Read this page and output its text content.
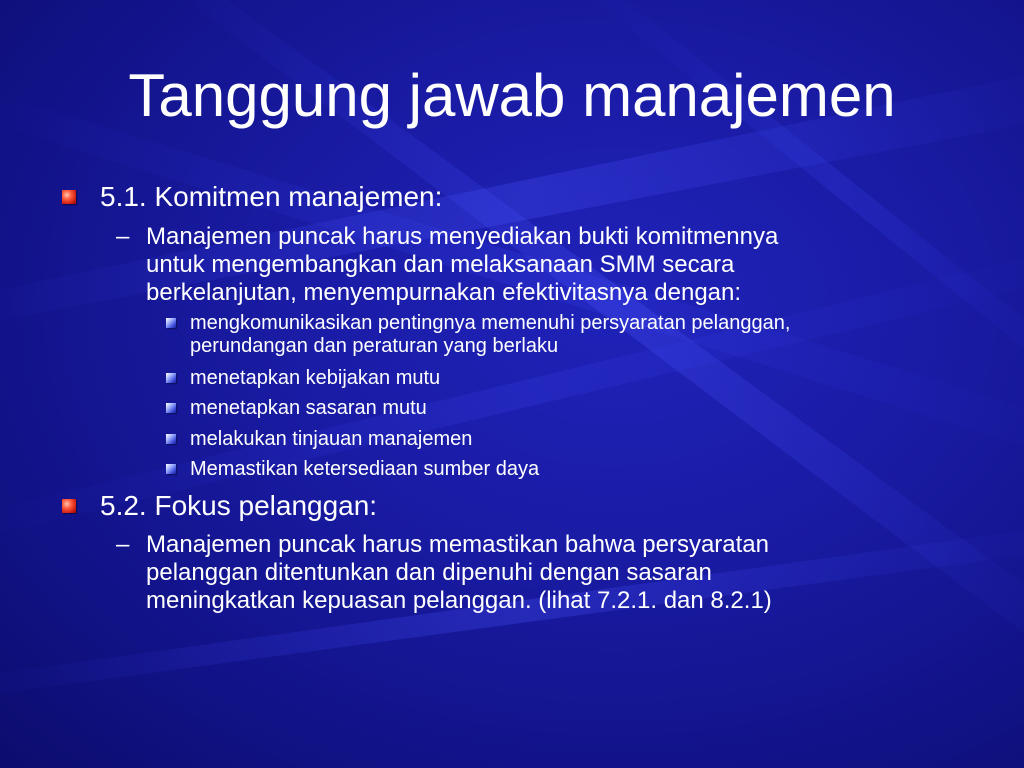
Tanggung jawab manajemen
5.1. Komitmen manajemen:
– Manajemen puncak harus menyediakan bukti komitmennya
untuk mengembangkan dan melaksanaan SMM secara
berkelanjutan, menyempurnakan efektivitasnya dengan:
mengkomunikasikan pentingnya memenuhi persyaratan pelanggan,
perundangan dan peraturan yang berlaku
menetapkan kebijakan mutu
menetapkan sasaran mutu
melakukan tinjauan manajemen
Memastikan ketersediaan sumber daya
5.2. Fokus pelanggan:
– Manajemen puncak harus memastikan bahwa persyaratan
pelanggan ditentunkan dan dipenuhi dengan sasaran
meningkatkan kepuasan pelanggan. (lihat 7.2.1. dan 8.2.1)
